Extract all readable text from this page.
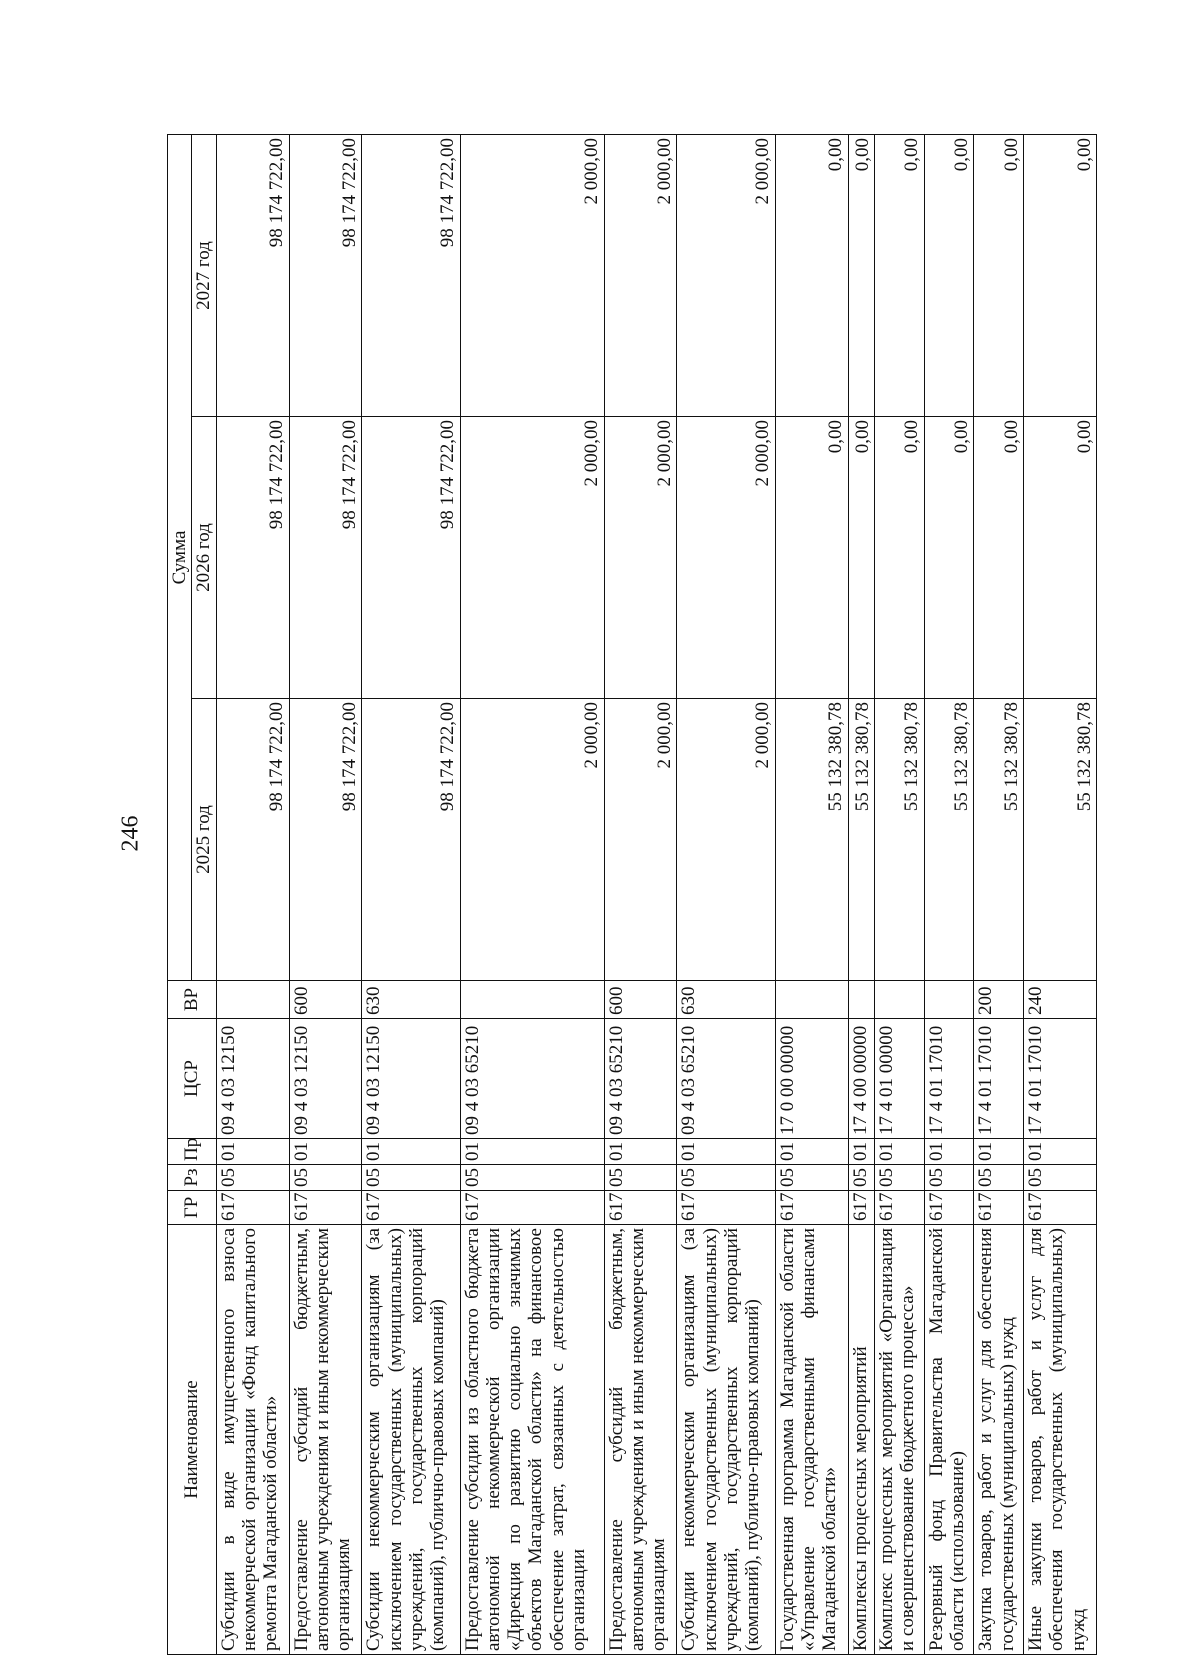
246
Наименование	ГР	Рз	Пр	ЦСР	ВР	Сумма		
						2025 год	2026 год	2027 год
Субсидии в виде имущественного взноса некоммерческой организации «Фонд капитального ремонта Магаданской области»	617	05	01	09 4 03 12150		98 174 722,00	98 174 722,00	98 174 722,00
Предоставление субсидий бюджетным, автономным учреждениям и иным некоммерческим организациям	617	05	01	09 4 03 12150	600	98 174 722,00	98 174 722,00	98 174 722,00
Субсидии некоммерческим организациям (за исключением государственных (муниципальных) учреждений, государственных корпораций (компаний), публично-правовых компаний)	617	05	01	09 4 03 12150	630	98 174 722,00	98 174 722,00	98 174 722,00
Предоставление субсидии из областного бюджета автономной некоммерческой организации «Дирекция по развитию социально значимых объектов Магаданской области» на финансовое обеспечение затрат, связанных с деятельностью организации	617	05	01	09 4 03 65210		2 000,00	2 000,00	2 000,00
Предоставление субсидий бюджетным, автономным учреждениям и иным некоммерческим организациям	617	05	01	09 4 03 65210	600	2 000,00	2 000,00	2 000,00
Субсидии некоммерческим организациям (за исключением государственных (муниципальных) учреждений, государственных корпораций (компаний), публично-правовых компаний)	617	05	01	09 4 03 65210	630	2 000,00	2 000,00	2 000,00
Государственная программа Магаданской области «Управление государственными финансами Магаданской области»	617	05	01	17 0 00 00000		55 132 380,78	0,00	0,00
Комплексы процессных мероприятий	617	05	01	17 4 00 00000		55 132 380,78	0,00	0,00
Комплекс процессных мероприятий «Организация и совершенствование бюджетного процесса»	617	05	01	17 4 01 00000		55 132 380,78	0,00	0,00
Резервный фонд Правительства Магаданской области (использование)	617	05	01	17 4 01 17010		55 132 380,78	0,00	0,00
Закупка товаров, работ и услуг для обеспечения государственных (муниципальных) нужд	617	05	01	17 4 01 17010	200	55 132 380,78	0,00	0,00
Иные закупки товаров, работ и услуг для обеспечения государственных (муниципальных) нужд	617	05	01	17 4 01 17010	240	55 132 380,78	0,00	0,00
